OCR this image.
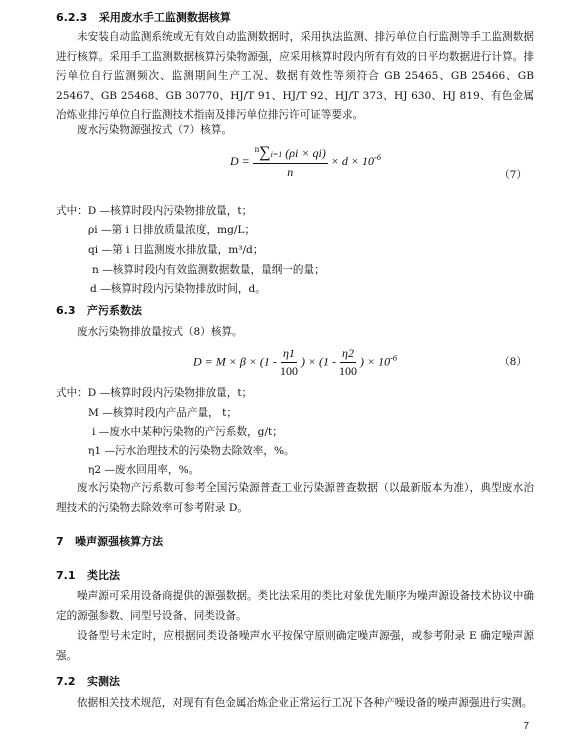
6.2.3 采用废水手工监测数据核算

未安装自动监测系统或无有效自动监测数据时，采用执法监测、排污单位自行监测等手工监测数据进行核算。采用手工监测数据核算污染物源强，应采用核算时段内所有有效的日平均数据进行计算。排污单位自行监测频次、监测期间生产工况、数据有效性等须符合 GB 25465、GB 25466、GB 25467、GB 25468、GB 30770、HJ/T 91、HJ/T 92、HJ/T 373、HJ 630、HJ 819、有色金属冶炼业排污单位自行监测技术指南及排污单位排污许可证等要求。

废水污染物源强按式（7）核算。
$D = \frac{^n\sum i=1 (\rho i \times qi)}{n} \times d \times 10^{-6}$
（7）
式中：D —核算时段内污染物排放量，t；
ρi —第 i 日排放质量浓度，mg/L；
qi —第 i 日监测废水排放量，m³/d；
n —核算时段内有效监测数据数量，量纲一的量；
d —核算时段内污染物排放时间，d。
6.3 产污系数法
废水污染物排放量按式（8）核算。
$D = M \times \beta \times (1 - \frac{\eta 1}{100}$ ) × ($1 - \frac{\eta 2}{100}$ ) × $10^{-6}$	（8）
式中：D —核算时段内污染物排放量，t；
M —核算时段内产品产量， t；
i —废水中某种污染物的产污系数，g/t；
η1 —污水治理技术的污染物去除效率，%。
η2 —废水回用率，%。

废水污染物产污系数可参考全国污染源普查工业污染源普查数据（以最新版本为准），典型废水治理技术的污染物去除效率可参考附录 D。

7 噪声源强核算方法
7.1 类比法

噪声源可采用设备商提供的源强数据。类比法采用的类比对象优先顺序为噪声源设备技术协议中确定的源强参数、同型号设备、同类设备。

设备型号未定时，应根据同类设备噪声水平按保守原则确定噪声源强，或参考附录 E 确定噪声源强。

7.2 实测法

依据相关技术规范，对现有有色金属冶炼企业正常运行工况下各种产噪设备的噪声源强进行实测。

7
